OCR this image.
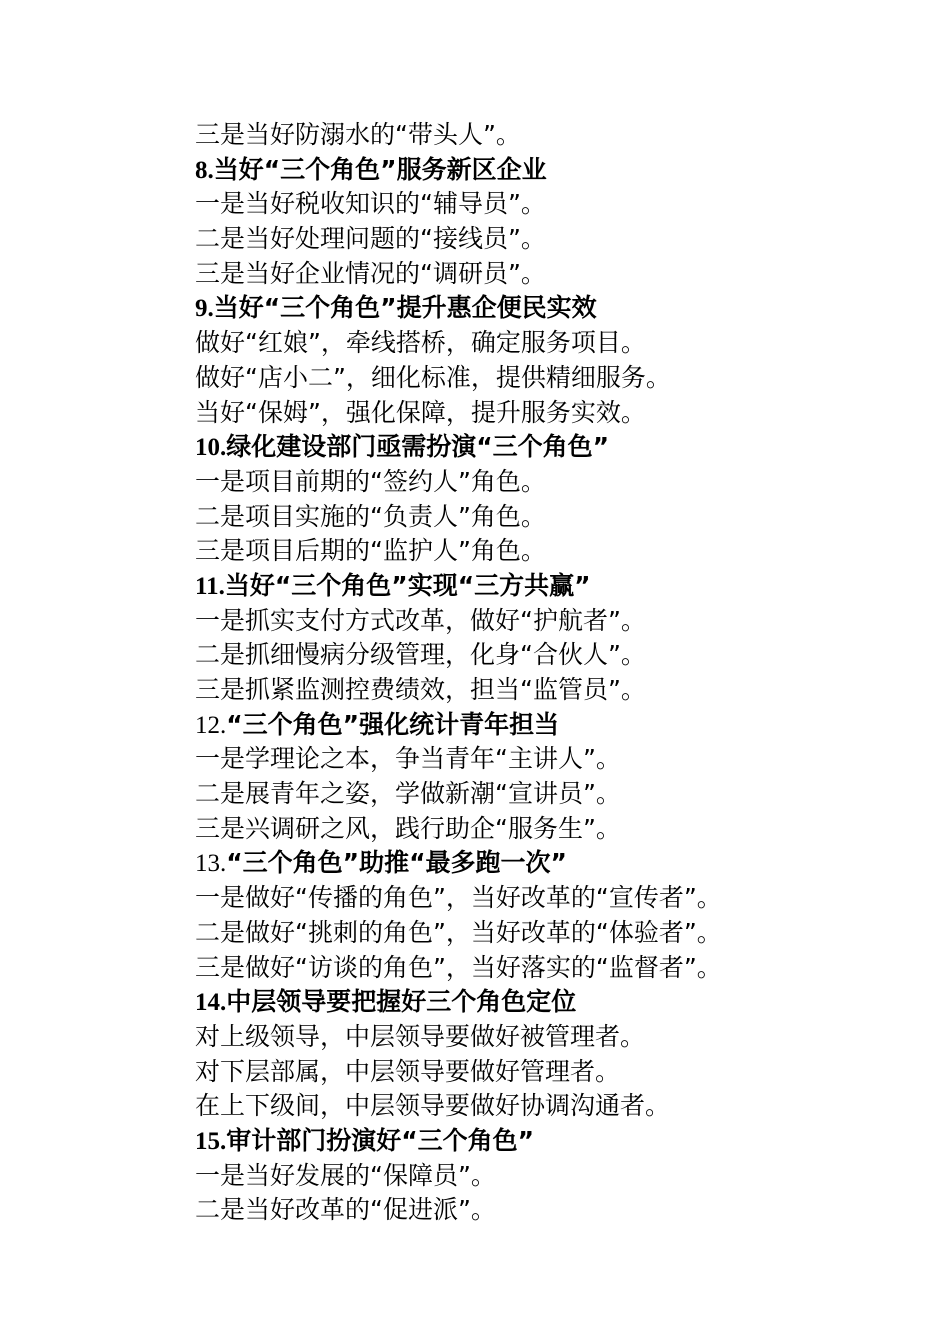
三是当好防溺水的“带头人”。
8.当好“三个角色”服务新区企业
一是当好税收知识的“辅导员”。
二是当好处理问题的“接线员”。
三是当好企业情况的“调研员”。
9.当好“三个角色”提升惠企便民实效
做好“红娘”，牵线搭桥，确定服务项目。
做好“店小二”，细化标准，提供精细服务。
当好“保姆”，强化保障，提升服务实效。
10.绿化建设部门亟需扮演“三个角色”
一是项目前期的“签约人”角色。
二是项目实施的“负责人”角色。
三是项目后期的“监护人”角色。
11.当好“三个角色”实现“三方共赢”
一是抓实支付方式改革，做好“护航者”。
二是抓细慢病分级管理，化身“合伙人”。
三是抓紧监测控费绩效，担当“监管员”。
12.“三个角色”强化统计青年担当
一是学理论之本，争当青年“主讲人”。
二是展青年之姿，学做新潮“宣讲员”。
三是兴调研之风，践行助企“服务生”。
13.“三个角色”助推“最多跑一次”
一是做好“传播的角色”，当好改革的“宣传者”。
二是做好“挑刺的角色”，当好改革的“体验者”。
三是做好“访谈的角色”，当好落实的“监督者”。
14.中层领导要把握好三个角色定位
对上级领导，中层领导要做好被管理者。
对下层部属，中层领导要做好管理者。
在上下级间，中层领导要做好协调沟通者。
15.审计部门扮演好“三个角色”
一是当好发展的“保障员”。
二是当好改革的“促进派”。
